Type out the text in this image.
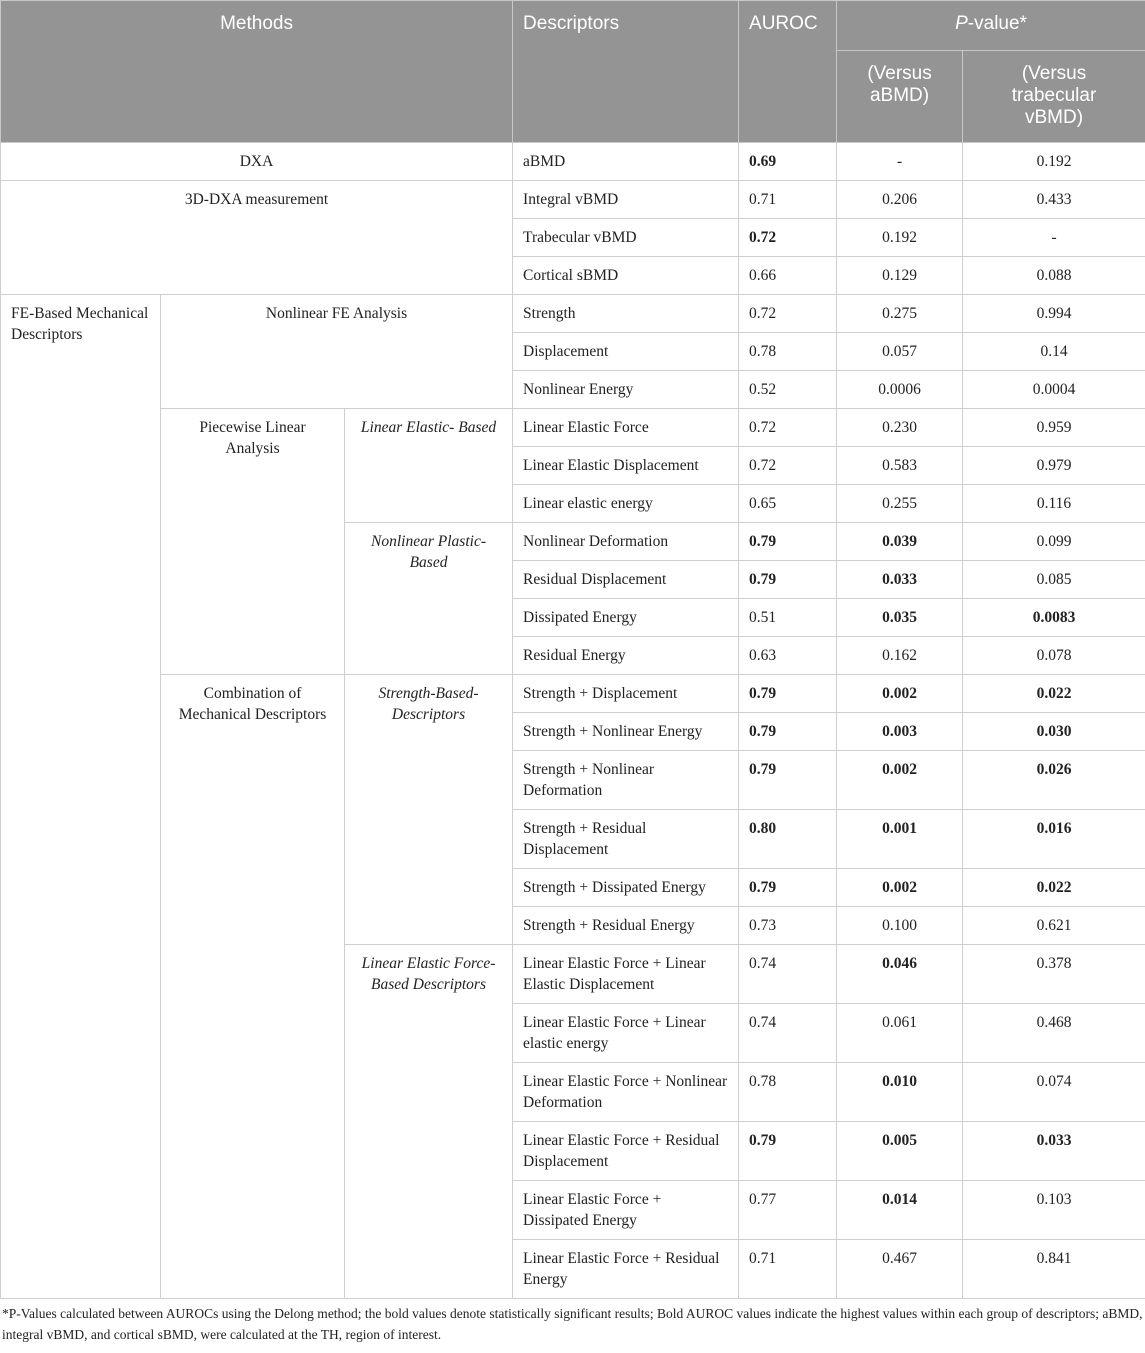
Methods			Descriptors	AUROC	P-value*	
					(Versus aBMD)	(Versus trabecular vBMD)
DXA			aBMD	0.69	-	0.192
3D-DXA measurement			Integral vBMD	0.71	0.206	0.433
			Trabecular vBMD	0.72	0.192	-
			Cortical sBMD	0.66	0.129	0.088
FE-Based Mechanical Descriptors	Nonlinear FE Analysis		Strength	0.72	0.275	0.994
			Displacement	0.78	0.057	0.14
			Nonlinear Energy	0.52	0.0006	0.0004
	Piecewise Linear Analysis	Linear Elastic- Based	Linear Elastic Force	0.72	0.230	0.959
			Linear Elastic Displacement	0.72	0.583	0.979
			Linear elastic energy	0.65	0.255	0.116
		Nonlinear Plastic-Based	Nonlinear Deformation	0.79	0.039	0.099
			Residual Displacement	0.79	0.033	0.085
			Dissipated Energy	0.51	0.035	0.0083
			Residual Energy	0.63	0.162	0.078
	Combination of Mechanical Descriptors	Strength-Based-Descriptors	Strength + Displacement	0.79	0.002	0.022
			Strength + Nonlinear Energy	0.79	0.003	0.030
			Strength + Nonlinear Deformation	0.79	0.002	0.026
			Strength + Residual Displacement	0.80	0.001	0.016
			Strength + Dissipated Energy	0.79	0.002	0.022
			Strength + Residual Energy	0.73	0.100	0.621
		Linear Elastic Force-Based Descriptors	Linear Elastic Force + Linear Elastic Displacement	0.74	0.046	0.378
			Linear Elastic Force + Linear elastic energy	0.74	0.061	0.468
			Linear Elastic Force + Nonlinear Deformation	0.78	0.010	0.074
			Linear Elastic Force + Residual Displacement	0.79	0.005	0.033
			Linear Elastic Force + Dissipated Energy	0.77	0.014	0.103
			Linear Elastic Force + Residual Energy	0.71	0.467	0.841
*P-Values calculated between AUROCs using the Delong method; the bold values denote statistically significant results; Bold AUROC values indicate the highest values within each group of descriptors; aBMD, integral vBMD, and cortical sBMD, were calculated at the TH, region of interest.
